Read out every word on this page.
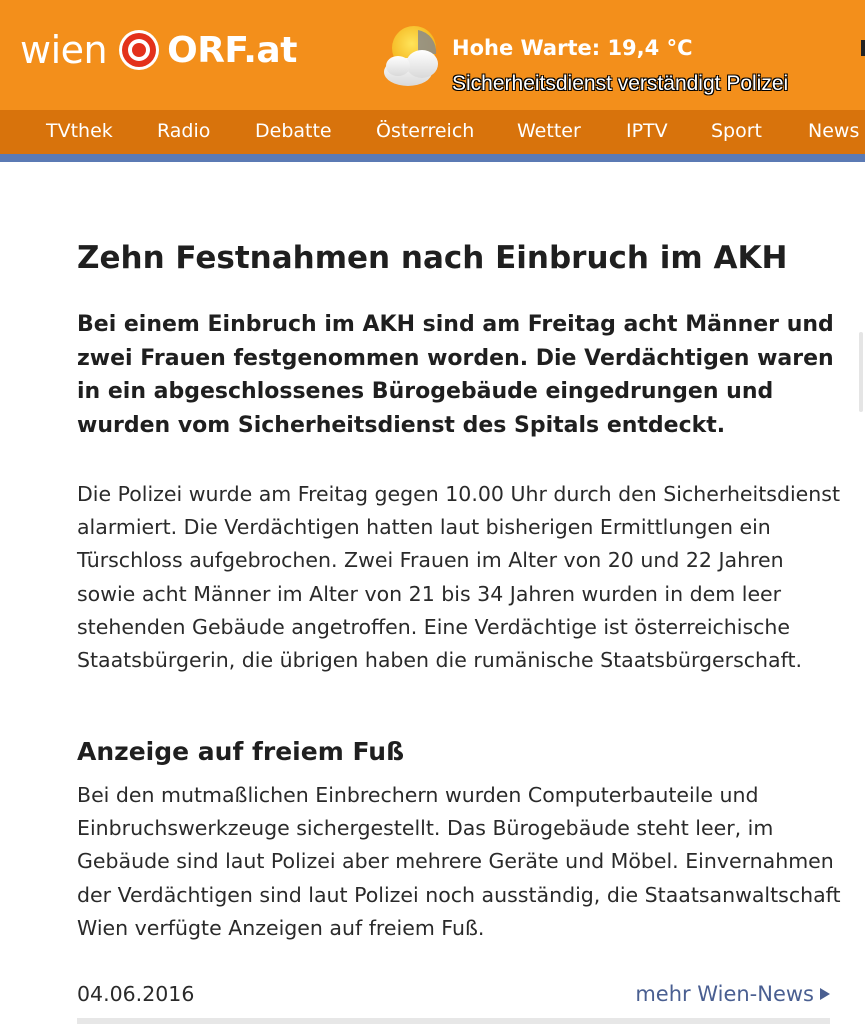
wien ORF.at	Hohe Warte: 19,4 °C
Sicherheitsdienst verständigt Polizei
TVthek Radio Debatte Österreich Wetter IPTV Sport News
Zehn Festnahmen nach Einbruch im AKH

Bei einem Einbruch im AKH sind am Freitag acht Männer und zwei Frauen festgenommen worden. Die Verdächtigen waren in ein abgeschlossenes Bürogebäude eingedrungen und wurden vom Sicherheitsdienst des Spitals entdeckt.

Die Polizei wurde am Freitag gegen 10.00 Uhr durch den Sicherheitsdienst alarmiert. Die Verdächtigen hatten laut bisherigen Ermittlungen ein Türschloss aufgebrochen. Zwei Frauen im Alter von 20 und 22 Jahren sowie acht Männer im Alter von 21 bis 34 Jahren wurden in dem leer stehenden Gebäude angetroffen. Eine Verdächtige ist österreichische Staatsbürgerin, die übrigen haben die rumänische Staatsbürgerschaft.

Anzeige auf freiem Fuß

Bei den mutmaßlichen Einbrechern wurden Computerbauteile und Einbruchswerkzeuge sichergestellt. Das Bürogebäude steht leer, im Gebäude sind laut Polizei aber mehrere Geräte und Möbel. Einvernahmen der Verdächtigen sind laut Polizei noch ausständig, die Staatsanwaltschaft Wien verfügte Anzeigen auf freiem Fuß.

04.06.2016	mehr Wien-News
